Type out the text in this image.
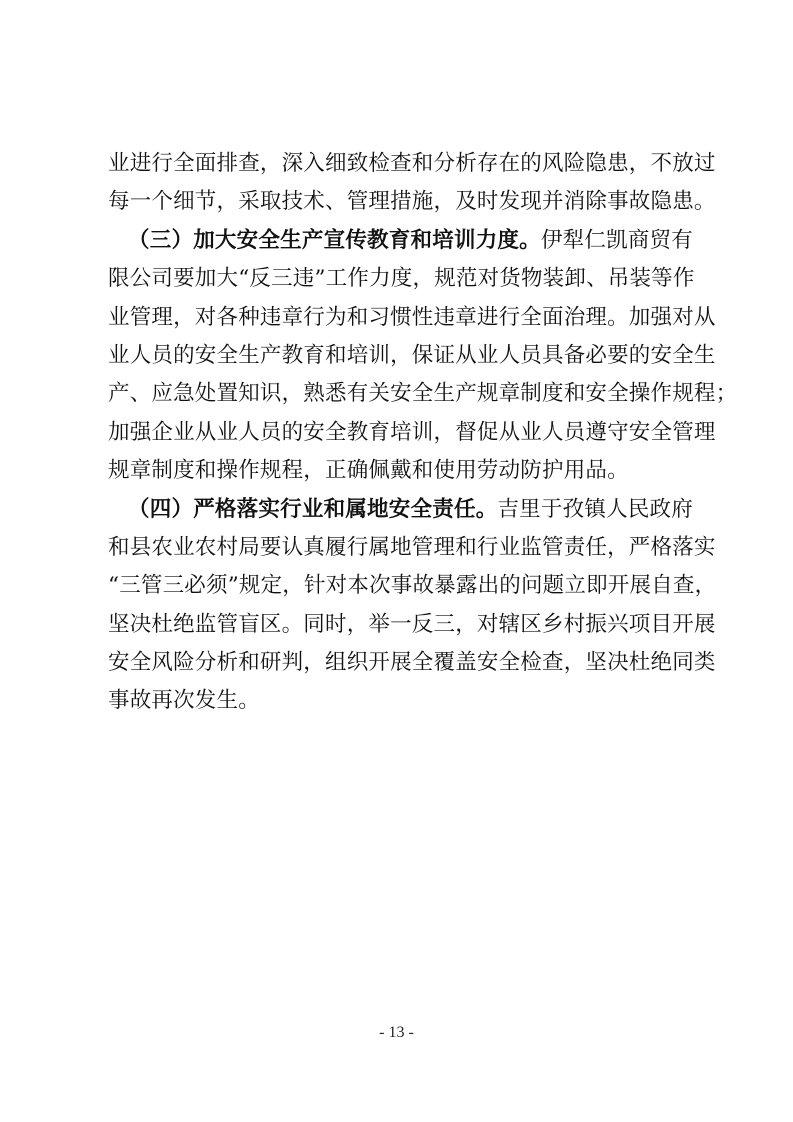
业进行全面排查，深入细致检查和分析存在的风险隐患，不放过
每一个细节，采取技术、管理措施，及时发现并消除事故隐患。
（三）加大安全生产宣传教育和培训力度。伊犁仁凯商贸有
限公司要加大“反三违”工作力度，规范对货物装卸、吊装等作
业管理，对各种违章行为和习惯性违章进行全面治理。加强对从
业人员的安全生产教育和培训，保证从业人员具备必要的安全生
产、应急处置知识，熟悉有关安全生产规章制度和安全操作规程；
加强企业从业人员的安全教育培训，督促从业人员遵守安全管理
规章制度和操作规程，正确佩戴和使用劳动防护用品。
（四）严格落实行业和属地安全责任。吉里于孜镇人民政府
和县农业农村局要认真履行属地管理和行业监管责任，严格落实
“三管三必须”规定，针对本次事故暴露出的问题立即开展自查，
坚决杜绝监管盲区。同时，举一反三，对辖区乡村振兴项目开展
安全风险分析和研判，组织开展全覆盖安全检查，坚决杜绝同类
事故再次发生。
- 13 -
